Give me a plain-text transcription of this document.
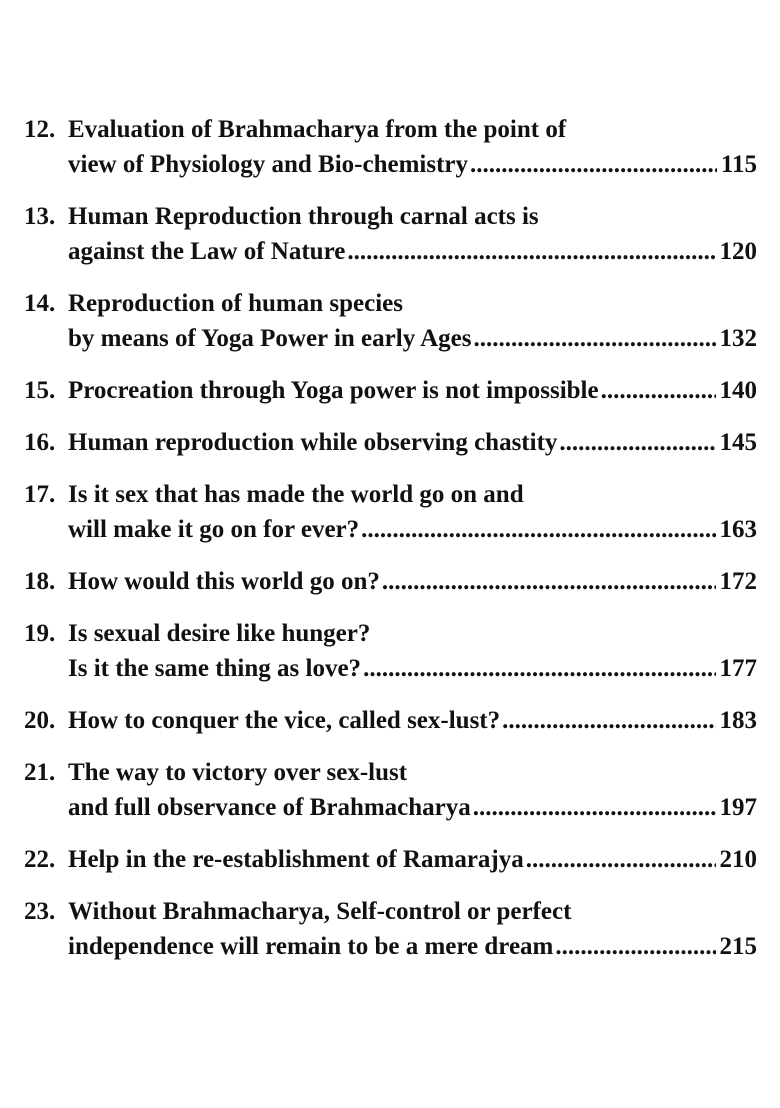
12. Evaluation of Brahmacharya from the point of
view of Physiology and Bio-chemistry .....	115
13. Human Reproduction through carnal acts is
against the Law of Nature .....	120
14. Reproduction of human species
by means of Yoga Power in early Ages .....	132
15. Procreation through Yoga power is not impossible .....	140
16. Human reproduction while observing chastity .....	145
17. Is it sex that has made the world go on and
will make it go on for ever? .....	163
18. How would this world go on? .....	172
19. Is sexual desire like hunger?
Is it the same thing as love? .....	177
20. How to conquer the vice, called sex-lust? .....	183
21. The way to victory over sex-lust
and full observance of Brahmacharya .....	197
22. Help in the re-establishment of Ramarajya .....	210
23. Without Brahmacharya, Self-control or perfect
independence will remain to be a mere dream .....	215
